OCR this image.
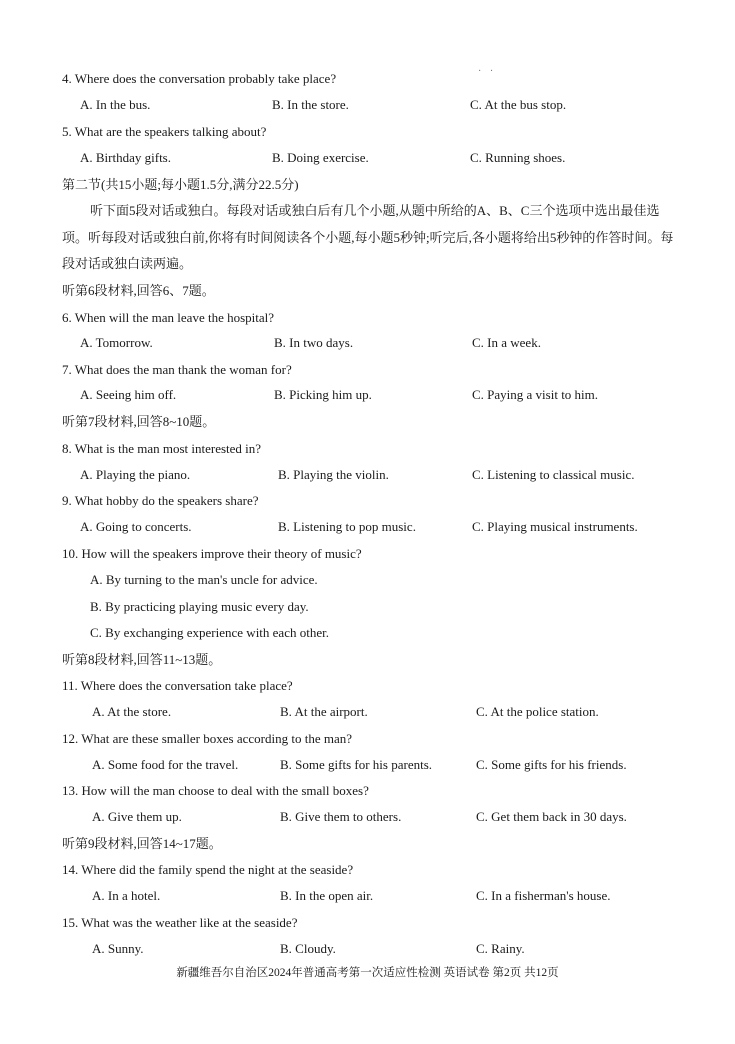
· ·
4. Where does the conversation probably take place?
A. In the bus.	B. In the store.	C. At the bus stop.
5. What are the speakers talking about?
A. Birthday gifts.	B. Doing exercise.	C. Running shoes.
第二节(共15小题;每小题1.5分,满分22.5分)
听下面5段对话或独白。每段对话或独白后有几个小题,从题中所给的A、B、C三个选项中选出最佳选项。听每段对话或独白前,你将有时间阅读各个小题,每小题5秒钟;听完后,各小题将给出5秒钟的作答时间。每段对话或独白读两遍。
听第6段材料,回答6、7题。
6. When will the man leave the hospital?
A. Tomorrow.	B. In two days.	C. In a week.
7. What does the man thank the woman for?
A. Seeing him off.	B. Picking him up.	C. Paying a visit to him.
听第7段材料,回答8~10题。
8. What is the man most interested in?
A. Playing the piano.	B. Playing the violin.	C. Listening to classical music.
9. What hobby do the speakers share?
A. Going to concerts.	B. Listening to pop music.	C. Playing musical instruments.
10. How will the speakers improve their theory of music?
A. By turning to the man's uncle for advice.
B. By practicing playing music every day.
C. By exchanging experience with each other.
听第8段材料,回答11~13题。
11. Where does the conversation take place?
A. At the store.	B. At the airport.	C. At the police station.
12. What are these smaller boxes according to the man?
A. Some food for the travel.	B. Some gifts for his parents.	C. Some gifts for his friends.
13. How will the man choose to deal with the small boxes?
A. Give them up.	B. Give them to others.	C. Get them back in 30 days.
听第9段材料,回答14~17题。
14. Where did the family spend the night at the seaside?
A. In a hotel.	B. In the open air.	C. In a fisherman's house.
15. What was the weather like at the seaside?
A. Sunny.	B. Cloudy.	C. Rainy.
新疆维吾尔自治区2024年普通高考第一次适应性检测 英语试卷 第2页 共12页
